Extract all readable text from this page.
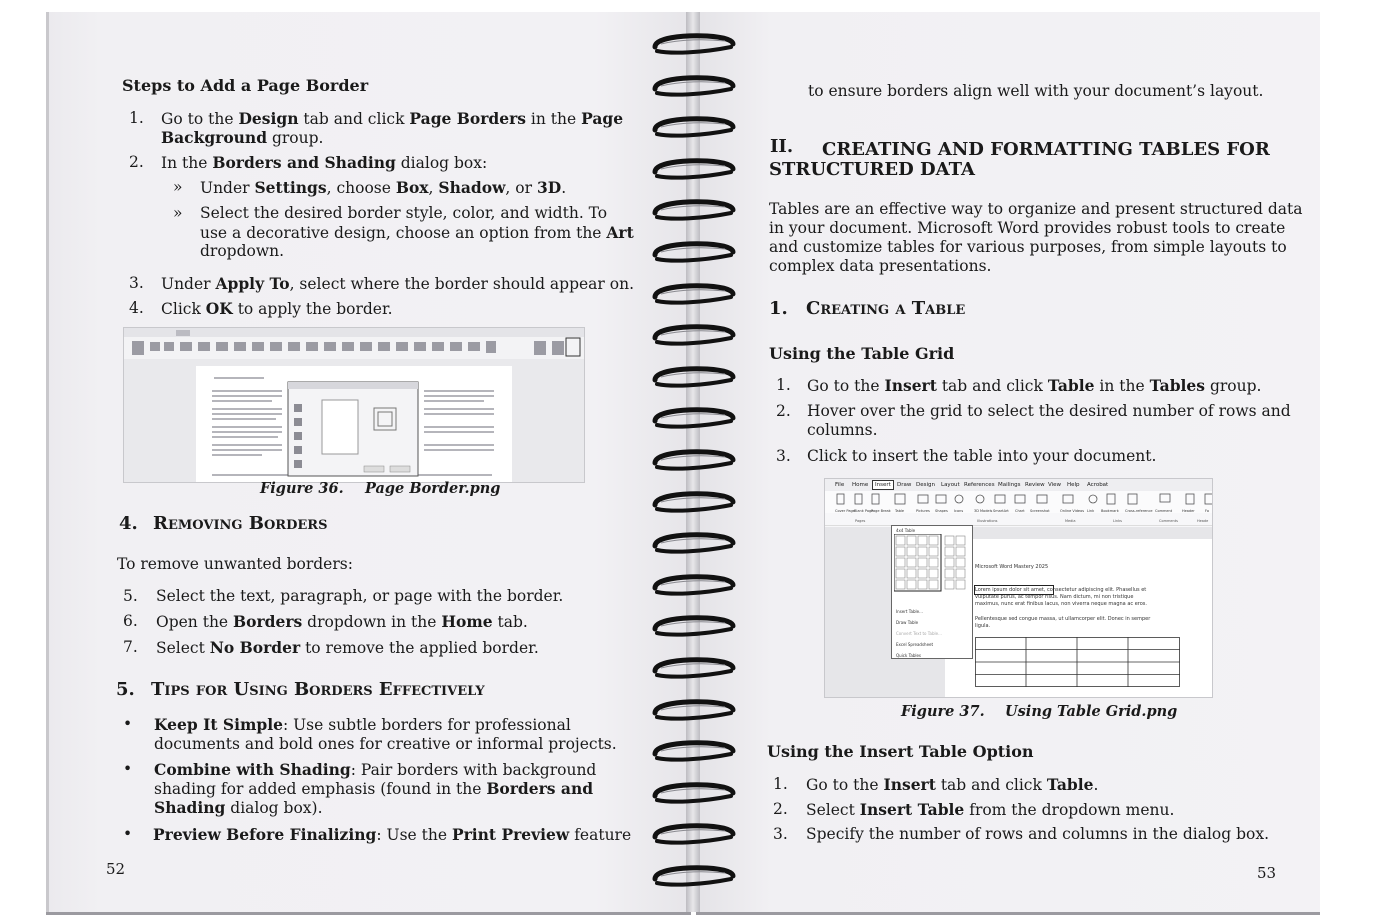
Steps to Add a Page Border
1. Go to the Design tab and click Page Borders in the Page
Background group.
2. In the Borders and Shading dialog box:
» Under Settings, choose Box, Shadow, or 3D.
» Select the desired border style, color, and width. To
use a decorative design, choose an option from the Art
dropdown.
3. Under Apply To, select where the border should appear on.
4. Click OK to apply the border.
Figure 36. Page Border.png
4. Removing Borders
To remove unwanted borders:
5. Select the text, paragraph, or page with the border.
6. Open the Borders dropdown in the Home tab.
7. Select No Border to remove the applied border.
5. Tips for Using Borders Effectively
• Keep It Simple: Use subtle borders for professional
documents and bold ones for creative or informal projects.
• Combine with Shading: Pair borders with background
shading for added emphasis (found in the Borders and
Shading dialog box).
• Preview Before Finalizing: Use the Print Preview feature
52
to ensure borders align well with your document’s layout.
II. CREATING AND FORMATTING TABLES FOR
STRUCTURED DATA
Tables are an effective way to organize and present structured data
in your document. Microsoft Word provides robust tools to create
and customize tables for various purposes, from simple layouts to
complex data presentations.
1. Creating a Table
Using the Table Grid
1. Go to the Insert tab and click Table in the Tables group.
2. Hover over the grid to select the desired number of rows and
columns.
3. Click to insert the table into your document.
File Home	Insert	Draw Design Layout References Mailings Review View Help Acrobat
Cover Page Blank Page
Page Break Table	Pictures Shapes Icons	3D Models SmartArt Chart Screenshot	Online Videos Link Bookmark Cross-reference Comment	Header	Fo
Pages	Illustrations	Media	Links	Comments	Heade
Microsoft Word Mastery 2025
Lorem ipsum dolor sit amet, consectetur adipiscing elit. Phasellus et
vulputate purus, ac tempor risus. Nam dictum, mi non tristique
maximus, nunc erat finibus lacus, non viverra neque magna ac eros.
Pellentesque sed congue massa, ut ullamcorper elit. Donec in semper
ligula.
4x4 Table
Insert Table...
Draw Table
Convert Text to Table...
Excel Spreadsheet
Quick Tables
Figure 37. Using Table Grid.png
Using the Insert Table Option
1. Go to the Insert tab and click Table.
2. Select Insert Table from the dropdown menu.
3. Specify the number of rows and columns in the dialog box.
53
